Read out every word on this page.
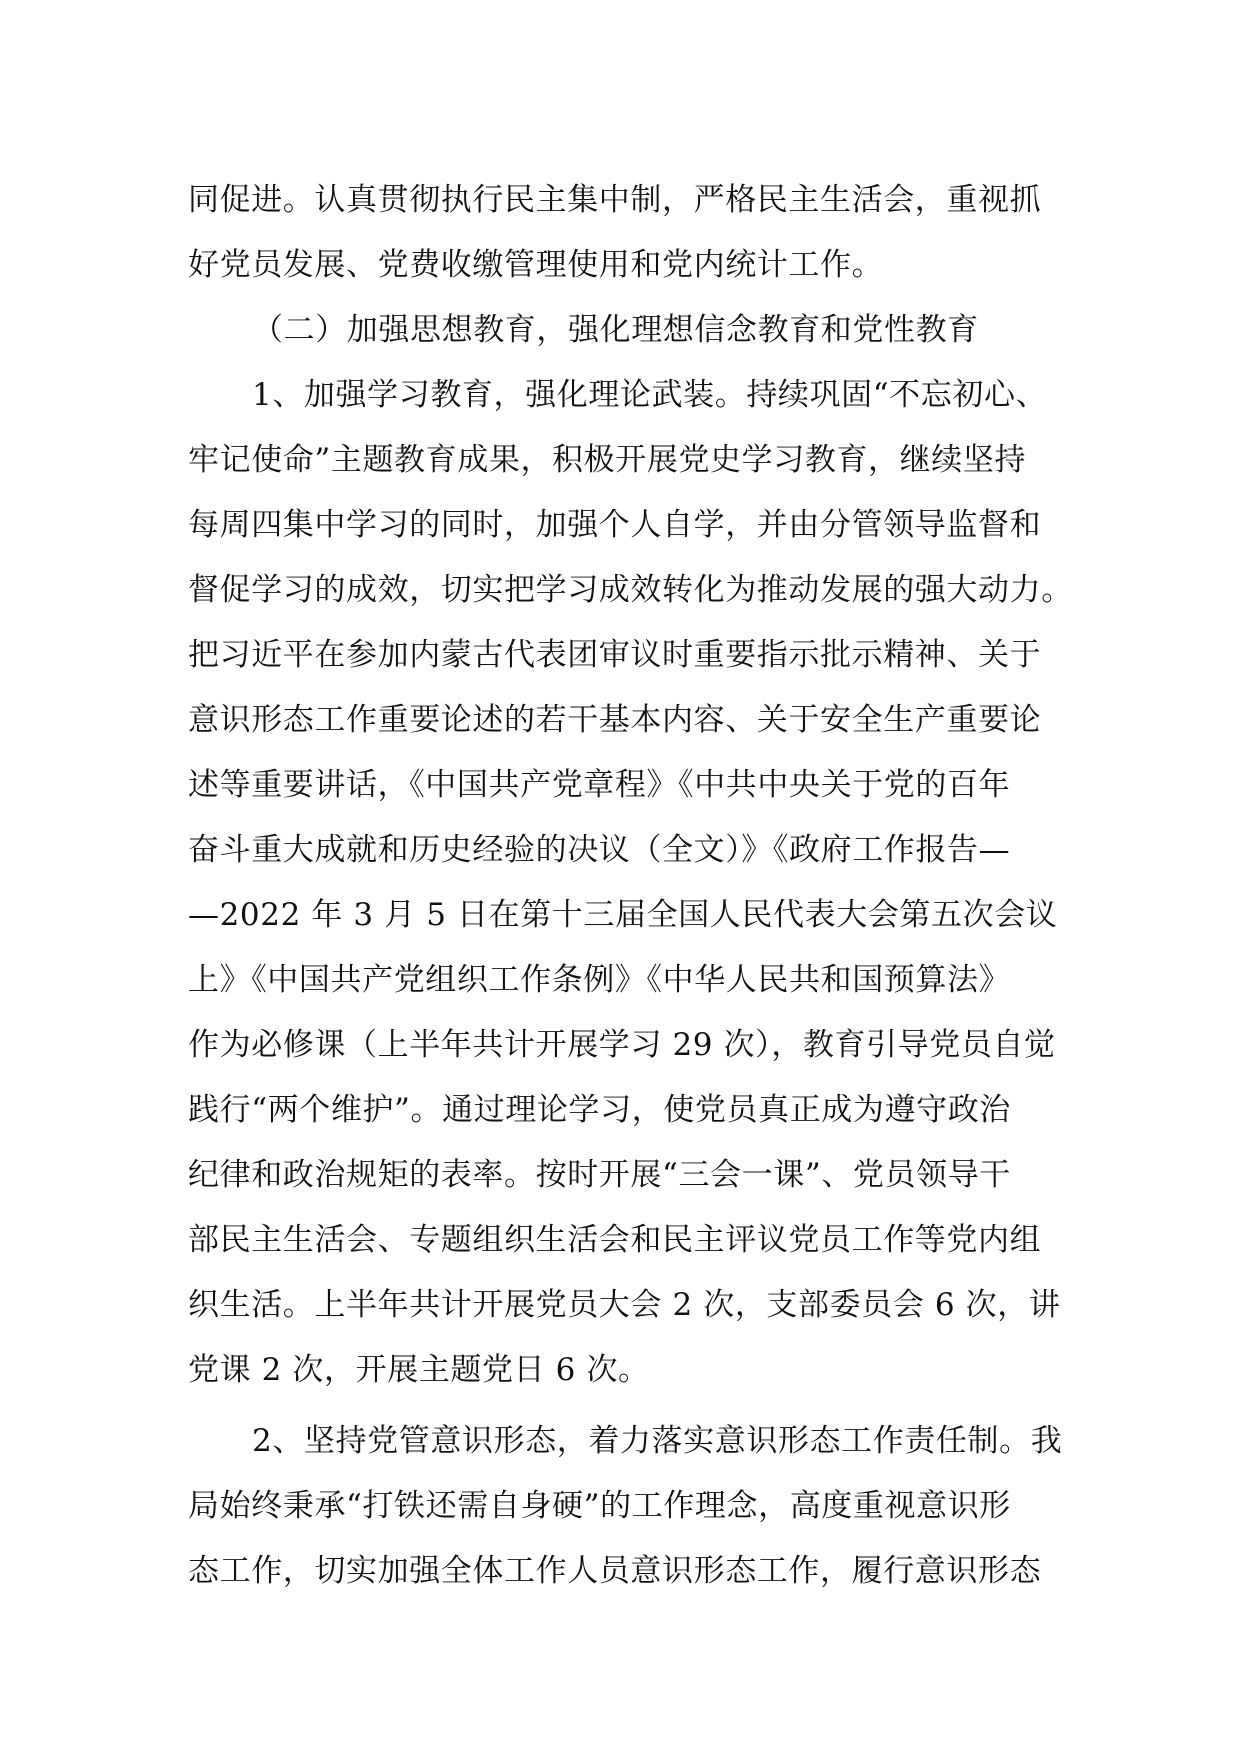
同促进。认真贯彻执行民主集中制，严格民主生活会，重视抓
好党员发展、党费收缴管理使用和党内统计工作。
（二）加强思想教育，强化理想信念教育和党性教育
1、加强学习教育，强化理论武装。持续巩固“不忘初心、
牢记使命”主题教育成果，积极开展党史学习教育，继续坚持
每周四集中学习的同时，加强个人自学，并由分管领导监督和
督促学习的成效，切实把学习成效转化为推动发展的强大动力。
把习近平在参加内蒙古代表团审议时重要指示批示精神、关于
意识形态工作重要论述的若干基本内容、关于安全生产重要论
述等重要讲话，《中国共产党章程》《中共中央关于党的百年
奋斗重大成就和历史经验的决议（全文）》《政府工作报告—
—2022 年 3 月 5 日在第十三届全国人民代表大会第五次会议
上》《中国共产党组织工作条例》《中华人民共和国预算法》
作为必修课（上半年共计开展学习 29 次），教育引导党员自觉
践行“两个维护”。通过理论学习，使党员真正成为遵守政治
纪律和政治规矩的表率。按时开展“三会一课”、党员领导干
部民主生活会、专题组织生活会和民主评议党员工作等党内组
织生活。上半年共计开展党员大会 2 次，支部委员会 6 次，讲
党课 2 次，开展主题党日 6 次。
2、坚持党管意识形态，着力落实意识形态工作责任制。我
局始终秉承“打铁还需自身硬”的工作理念，高度重视意识形
态工作，切实加强全体工作人员意识形态工作，履行意识形态
